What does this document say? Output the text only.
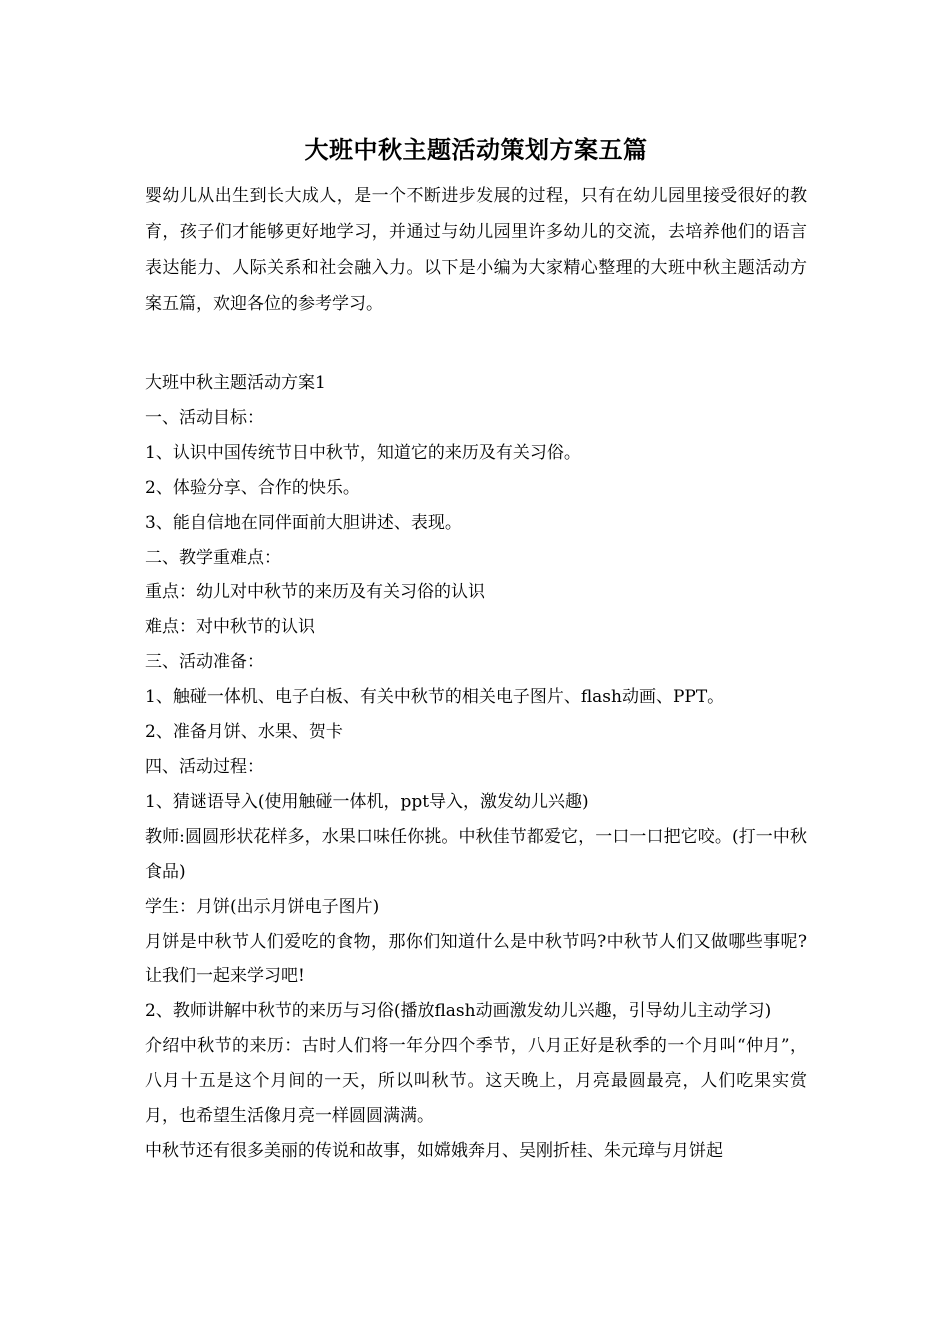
大班中秋主题活动策划方案五篇

婴幼儿从出生到长大成人，是一个不断进步发展的过程，只有在幼儿园里接受很好的教育，孩子们才能够更好地学习，并通过与幼儿园里许多幼儿的交流，去培养他们的语言表达能力、人际关系和社会融入力。以下是小编为大家精心整理的大班中秋主题活动方案五篇，欢迎各位的参考学习。

大班中秋主题活动方案1

一、活动目标：

1、认识中国传统节日中秋节，知道它的来历及有关习俗。

2、体验分享、合作的快乐。

3、能自信地在同伴面前大胆讲述、表现。

二、教学重难点：

重点：幼儿对中秋节的来历及有关习俗的认识

难点：对中秋节的认识

三、活动准备：

1、触碰一体机、电子白板、有关中秋节的相关电子图片、flash动画、PPT。

2、准备月饼、水果、贺卡

四、活动过程：

1、猜谜语导入(使用触碰一体机，ppt导入，激发幼儿兴趣)

教师:圆圆形状花样多，水果口味任你挑。中秋佳节都爱它，一口一口把它咬。(打一中秋食品)

学生：月饼(出示月饼电子图片)

月饼是中秋节人们爱吃的食物，那你们知道什么是中秋节吗?中秋节人们又做哪些事呢?让我们一起来学习吧!

2、教师讲解中秋节的来历与习俗(播放flash动画激发幼儿兴趣，引导幼儿主动学习)

介绍中秋节的来历：古时人们将一年分四个季节，八月正好是秋季的一个月叫“仲月”，八月十五是这个月间的一天，所以叫秋节。这天晚上，月亮最圆最亮，人们吃果实赏月，也希望生活像月亮一样圆圆满满。

中秋节还有很多美丽的传说和故事，如嫦娥奔月、吴刚折桂、朱元璋与月饼起
